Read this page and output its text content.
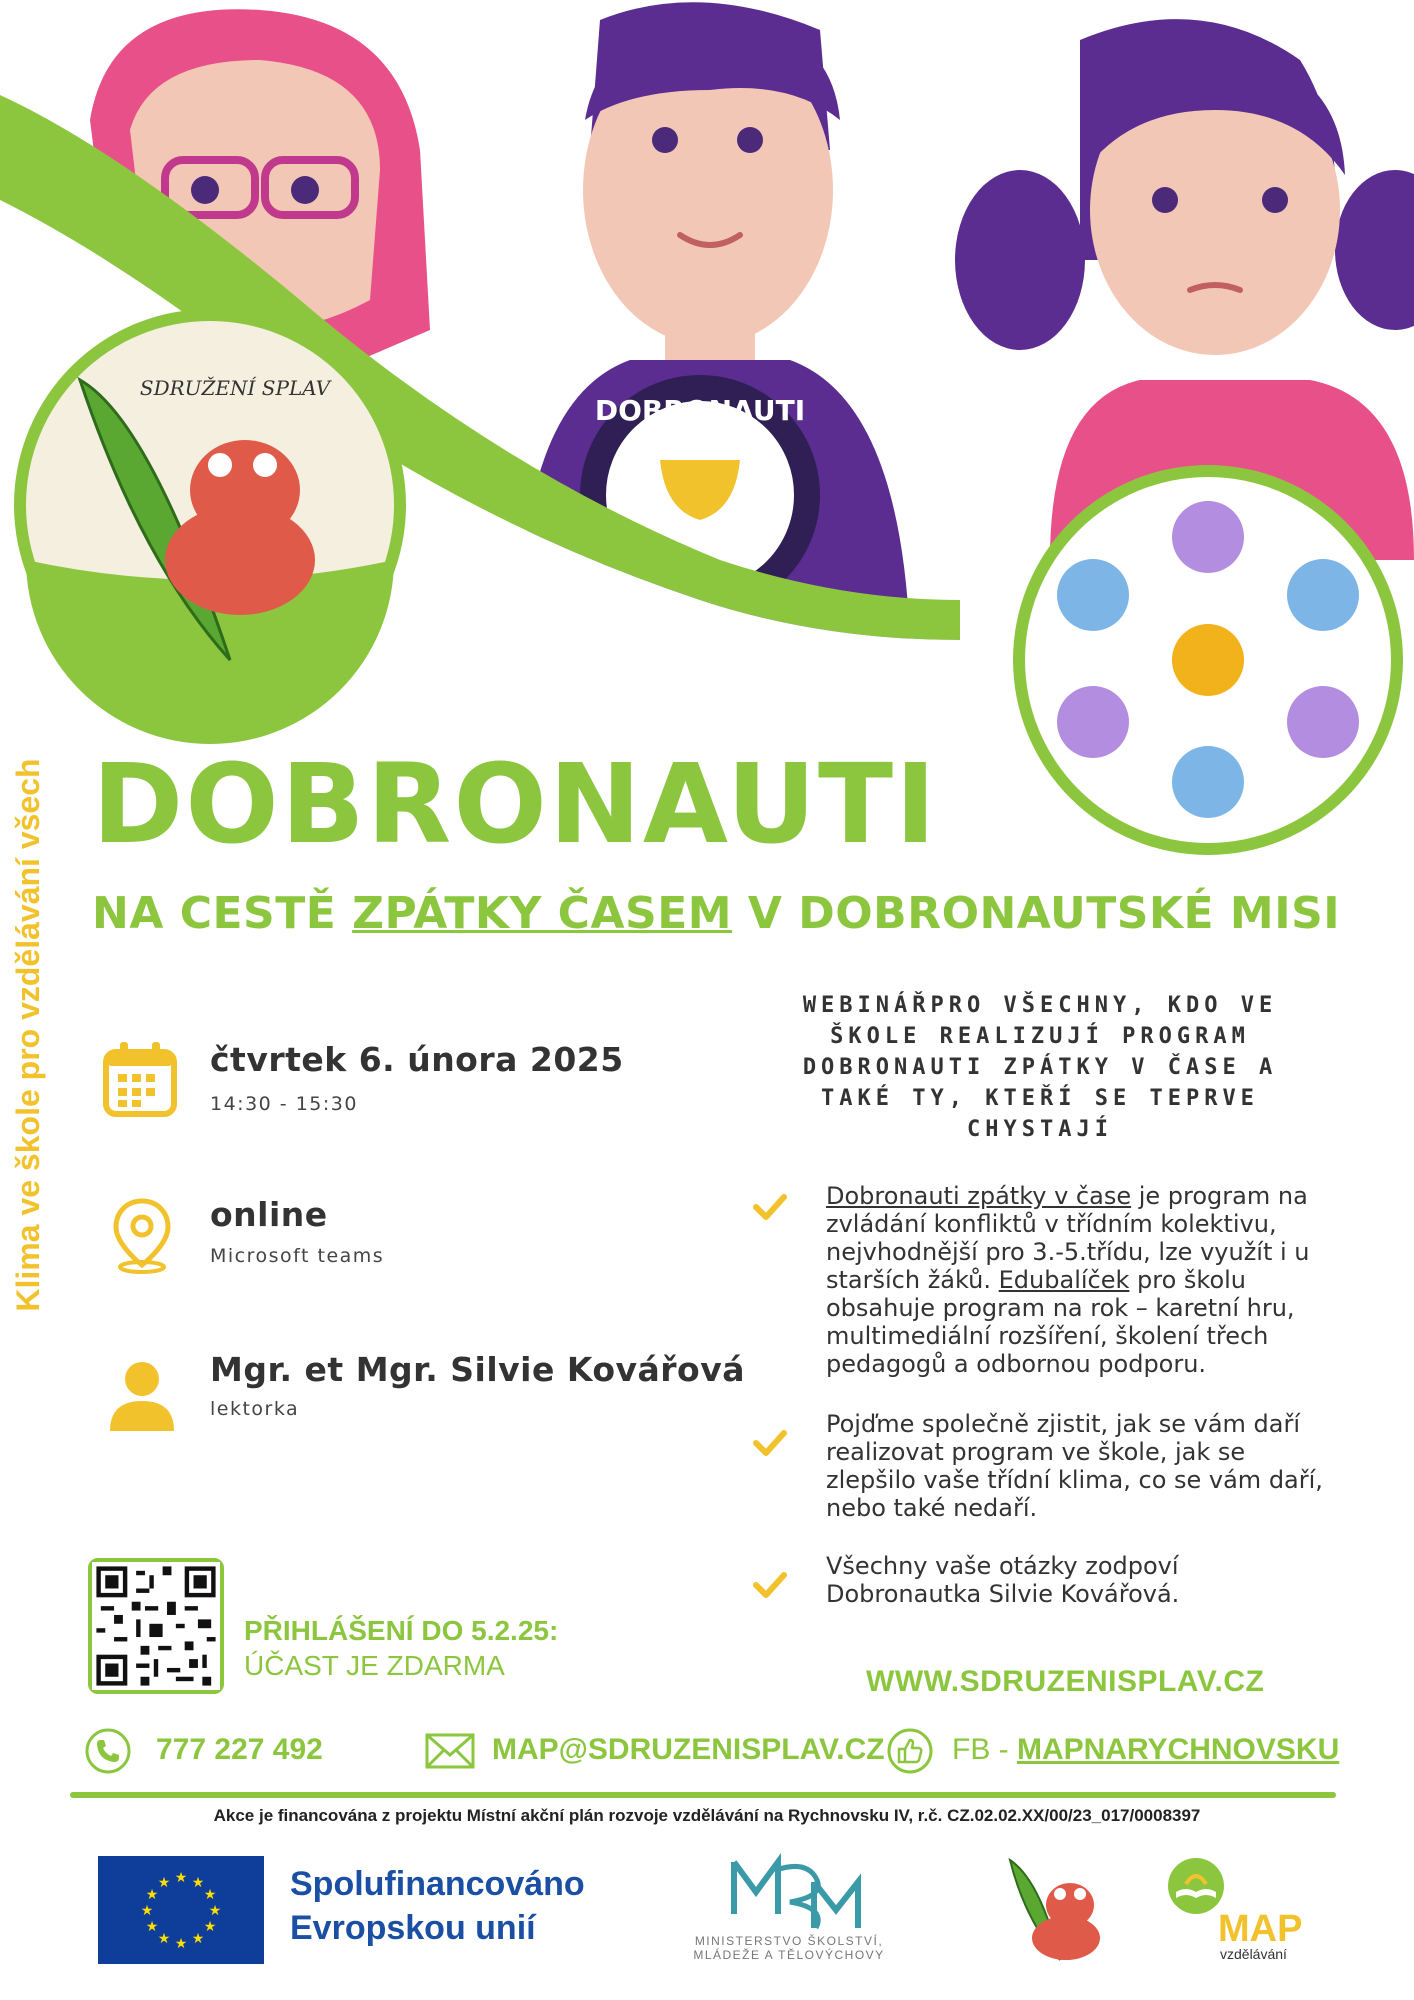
DOBRONAUTI
SDRUŽENÍ SPLAV
Klima ve škole pro vzdělávání všech DOBRONAUTI
NA CESTĚ ZPÁTKY ČASEM V DOBRONAUTSKÉ MISI
čtvrtek 6. února 2025
14:30 - 15:30
online
Microsoft teams
Mgr. et Mgr. Silvie Kovářová
lektorka
WEBINÁŘPRO VŠECHNY, KDO VE ŠKOLE REALIZUJÍ PROGRAM DOBRONAUTI ZPÁTKY V ČASE A TAKÉ TY, KTEŘÍ SE TEPRVE CHYSTAJÍ
Dobronauti zpátky v čase je program na zvládání konfliktů v třídním kolektivu, nejvhodnější pro 3.-5.třídu, lze využít i u starších žáků. Edubalíček pro školu obsahuje program na rok – karetní hru, multimediální rozšíření, školení třech pedagogů a odbornou podporu.
Pojďme společně zjistit, jak se vám daří realizovat program ve škole, jak se zlepšilo vaše třídní klima, co se vám daří, nebo také nedaří.
Všechny vaše otázky zodpoví Dobronautka Silvie Kovářová.
PŘIHLÁŠENÍ DO 5.2.25:
ÚČAST JE ZDARMA	WWW.SDRUZENISPLAV.CZ
777 227 492	MAP@SDRUZENISPLAV.CZ FB - MAPNARYCHNOVSKU
Akce je financována z projektu Místní akční plán rozvoje vzdělávání na Rychnovsku IV, r.č. CZ.02.02.XX/00/23_017/0008397
★ ★
★
★
★
★
★
★
★
★
★
★	Spolufinancováno
Evropskou unií	MINISTERSTVO ŠKOLSTVÍ,
MLÁDEŽE A TĚLOVÝCHOVY
MAP
vzdělávání
